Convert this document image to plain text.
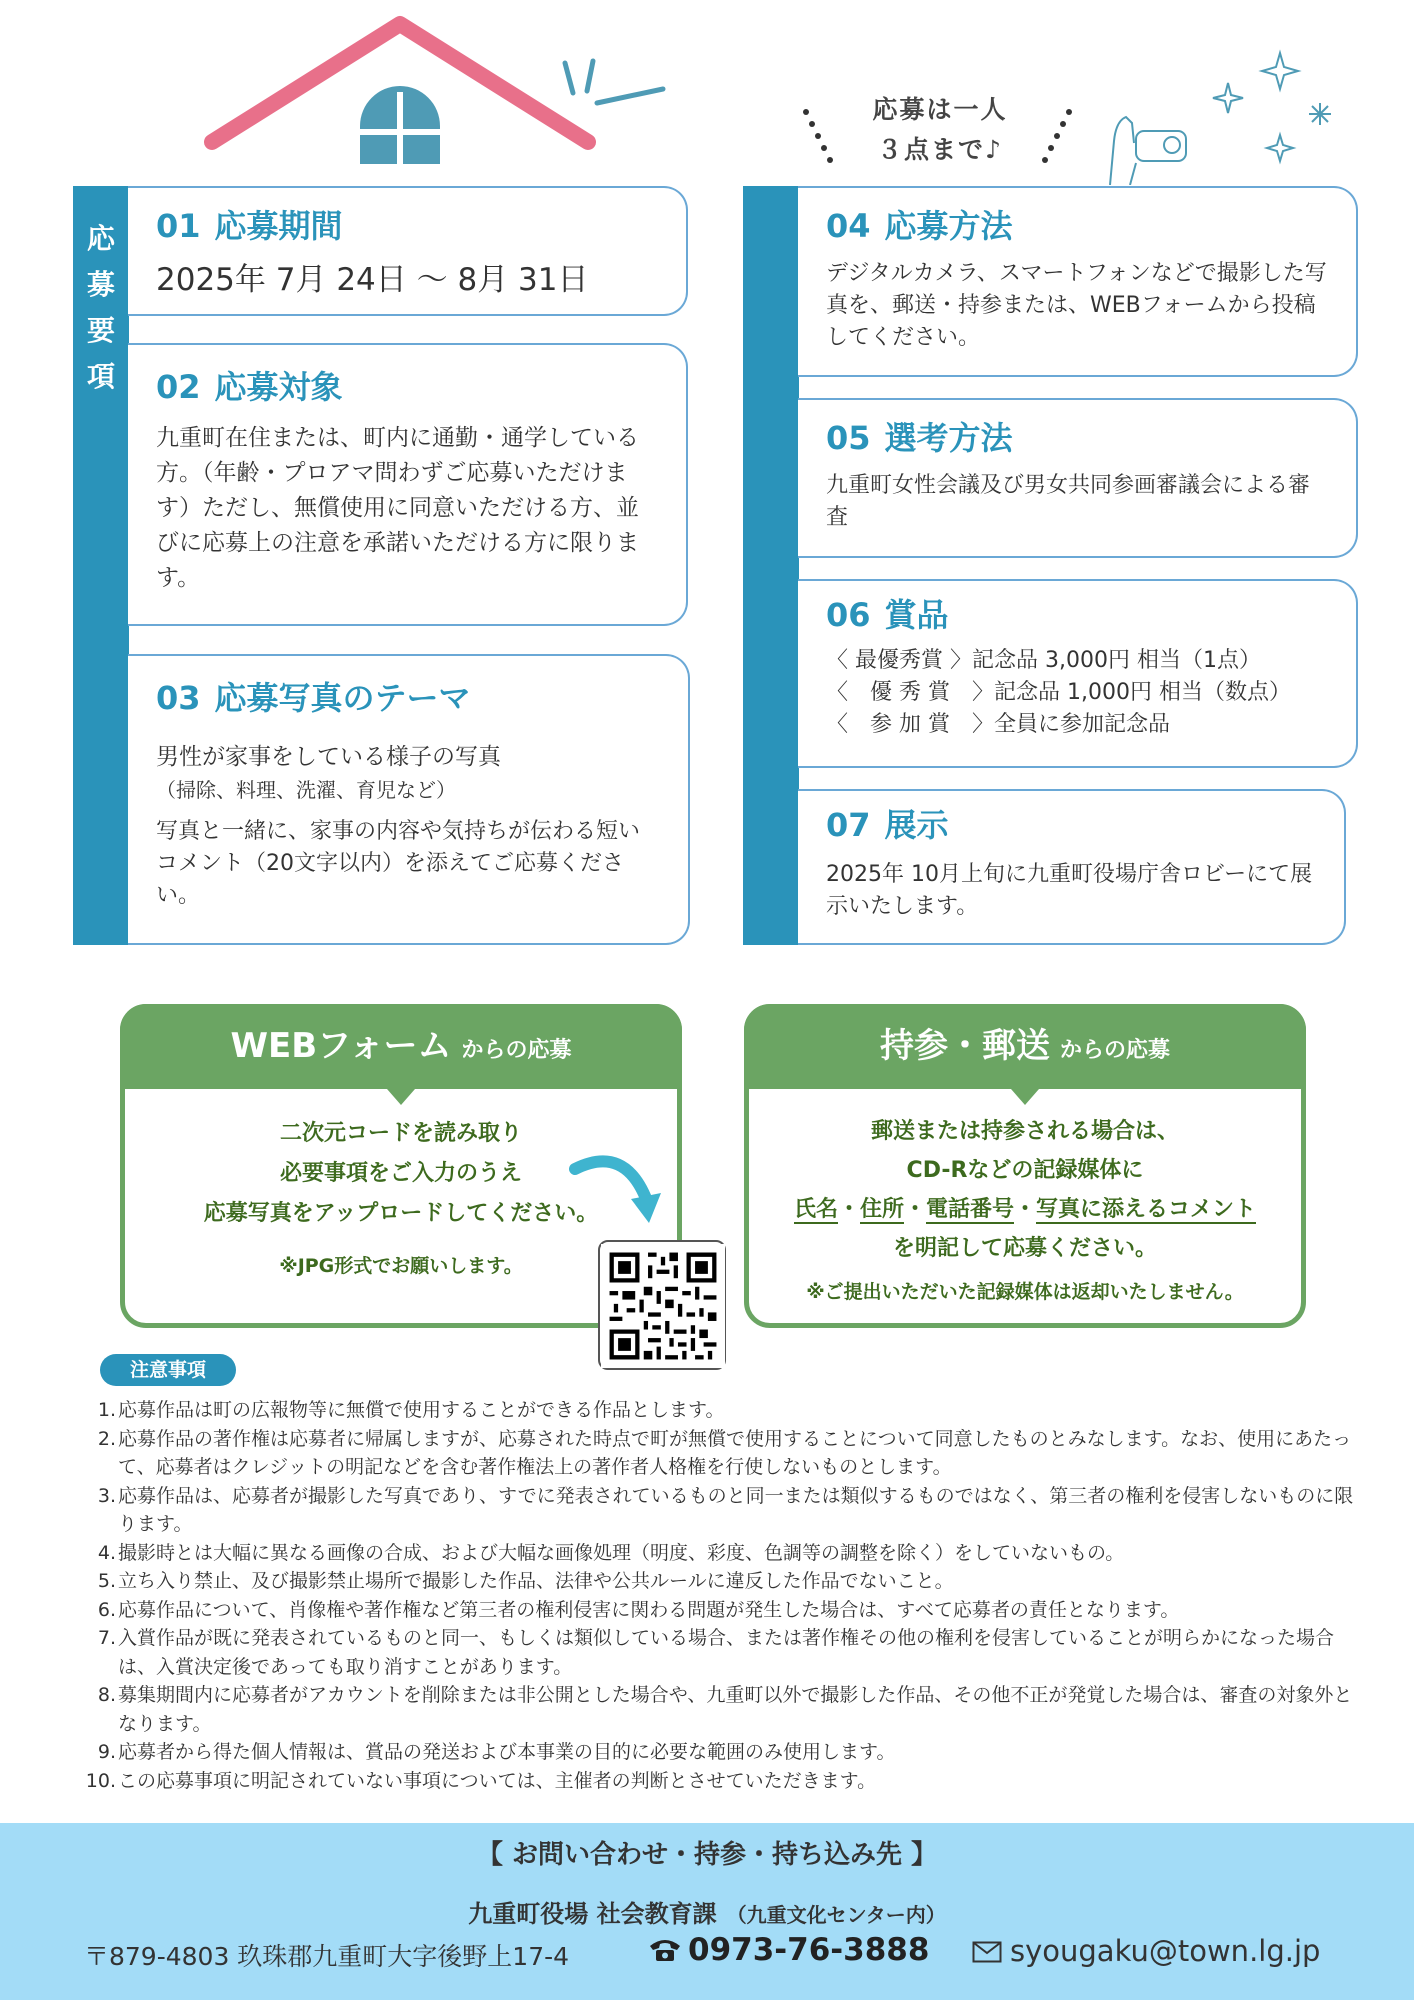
応募は一人
３点まで♪
応募要項
01 応募期間
2025年 7月 24日 〜 8月 31日
02 応募対象
九重町在住または、町内に通勤・通学している方。（年齢・プロアマ問わずご応募いただけます）ただし、無償使用に同意いただける方、並びに応募上の注意を承諾いただける方に限ります。
03 応募写真のテーマ
男性が家事をしている様子の写真
（掃除、料理、洗濯、育児など）
写真と一緒に、家事の内容や気持ちが伝わる短いコメント（20文字以内）を添えてご応募ください。
04 応募方法
デジタルカメラ、スマートフォンなどで撮影した写真を、郵送・持参または、WEBフォームから投稿してください。
05 選考方法
九重町女性会議及び男女共同参画審議会による審査
06 賞品
〈 最優秀賞 〉記念品 3,000円 相当（1点）
〈　優 秀 賞　〉記念品 1,000円 相当（数点）
〈　参 加 賞　〉全員に参加記念品
07 展示
2025年 10月上旬に九重町役場庁舎ロビーにて展示いたします。
WEBフォーム からの応募
二次元コードを読み取り
必要事項をご入力のうえ
応募写真をアップロードしてください。
※JPG形式でお願いします。
持参・郵送 からの応募
郵送または持参される場合は、
CD-Rなどの記録媒体に
氏名・住所・電話番号・写真に添えるコメント
を明記して応募ください。
※ご提出いただいた記録媒体は返却いたしません。
注意事項
1. 応募作品は町の広報物等に無償で使用することができる作品とします。
2. 応募作品の著作権は応募者に帰属しますが、応募された時点で町が無償で使用することについて同意したものとみなします。なお、使用にあたって、応募者はクレジットの明記などを含む著作権法上の著作者人格権を行使しないものとします。
3. 応募作品は、応募者が撮影した写真であり、すでに発表されているものと同一または類似するものではなく、第三者の権利を侵害しないものに限ります。
4. 撮影時とは大幅に異なる画像の合成、および大幅な画像処理（明度、彩度、色調等の調整を除く）をしていないもの。
5. 立ち入り禁止、及び撮影禁止場所で撮影した作品、法律や公共ルールに違反した作品でないこと。
6. 応募作品について、肖像権や著作権など第三者の権利侵害に関わる問題が発生した場合は、すべて応募者の責任となります。
7. 入賞作品が既に発表されているものと同一、もしくは類似している場合、または著作権その他の権利を侵害していることが明らかになった場合は、入賞決定後であっても取り消すことがあります。
8. 募集期間内に応募者がアカウントを削除または非公開とした場合や、九重町以外で撮影した作品、その他不正が発覚した場合は、審査の対象外となります。
9. 応募者から得た個人情報は、賞品の発送および本事業の目的に必要な範囲のみ使用します。
10. この応募事項に明記されていない事項については、主催者の判断とさせていただきます。
【 お問い合わせ・持参・持ち込み先 】
九重町役場 社会教育課 （九重文化センター内）
〒879-4803 玖珠郡九重町大字後野上17-4	0973-76-3888	syougaku@town.lg.jp
